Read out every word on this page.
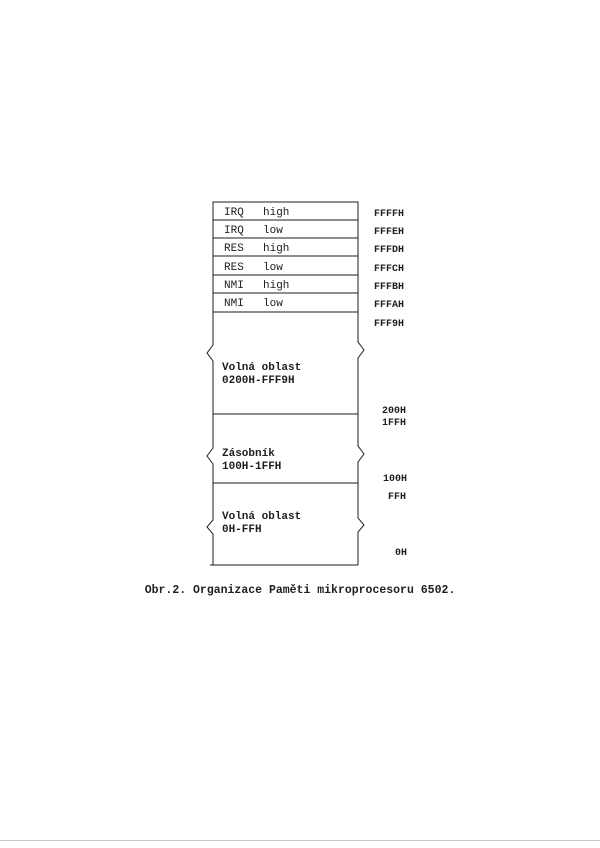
IRQ high
IRQ low
RES high
RES low
NMI high
NMI low
Volná oblast
0200H-FFF9H
Zásobník
100H-1FFH
Volná oblast
0H-FFH
FFFFH
FFFEH
FFFDH
FFFCH
FFFBH
FFFAH
FFF9H
200H
1FFH
100H
FFH
0H
Obr.2. Organizace Paměti mikroprocesoru 6502.
